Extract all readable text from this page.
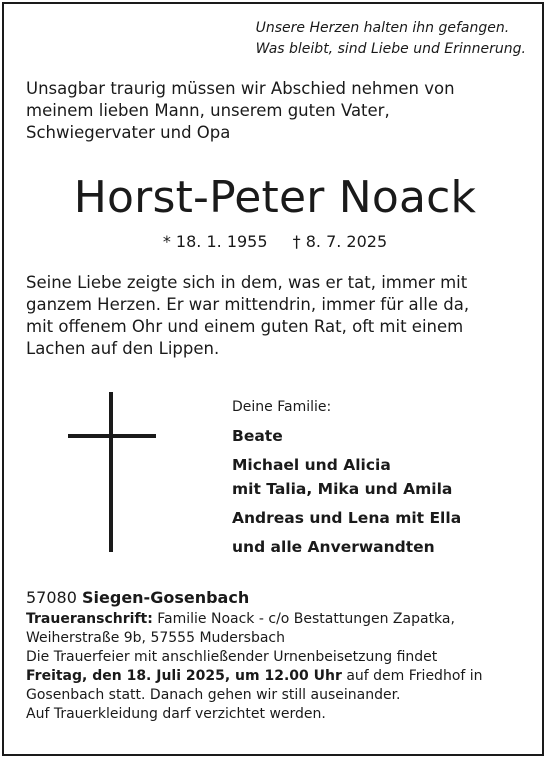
Unsere Herzen halten ihn gefangen.
Was bleibt, sind Liebe und Erinnerung.
Unsagbar traurig müssen wir Abschied nehmen von
meinem lieben Mann, unserem guten Vater,
Schwiegervater und Opa
Horst-Peter Noack
* 18. 1. 1955 † 8. 7. 2025
Seine Liebe zeigte sich in dem, was er tat, immer mit
ganzem Herzen. Er war mittendrin, immer für alle da,
mit offenem Ohr und einem guten Rat, oft mit einem
Lachen auf den Lippen.
Deine Familie:
Beate
Michael und Alicia
mit Talia, Mika und Amila
Andreas und Lena mit Ella
und alle Anverwandten
57080 Siegen-Gosenbach
Traueranschrift: Familie Noack - c/o Bestattungen Zapatka,
Weiherstraße 9b, 57555 Mudersbach
Die Trauerfeier mit anschließender Urnenbeisetzung findet
Freitag, den 18. Juli 2025, um 12.00 Uhr auf dem Friedhof in
Gosenbach statt. Danach gehen wir still auseinander.
Auf Trauerkleidung darf verzichtet werden.
